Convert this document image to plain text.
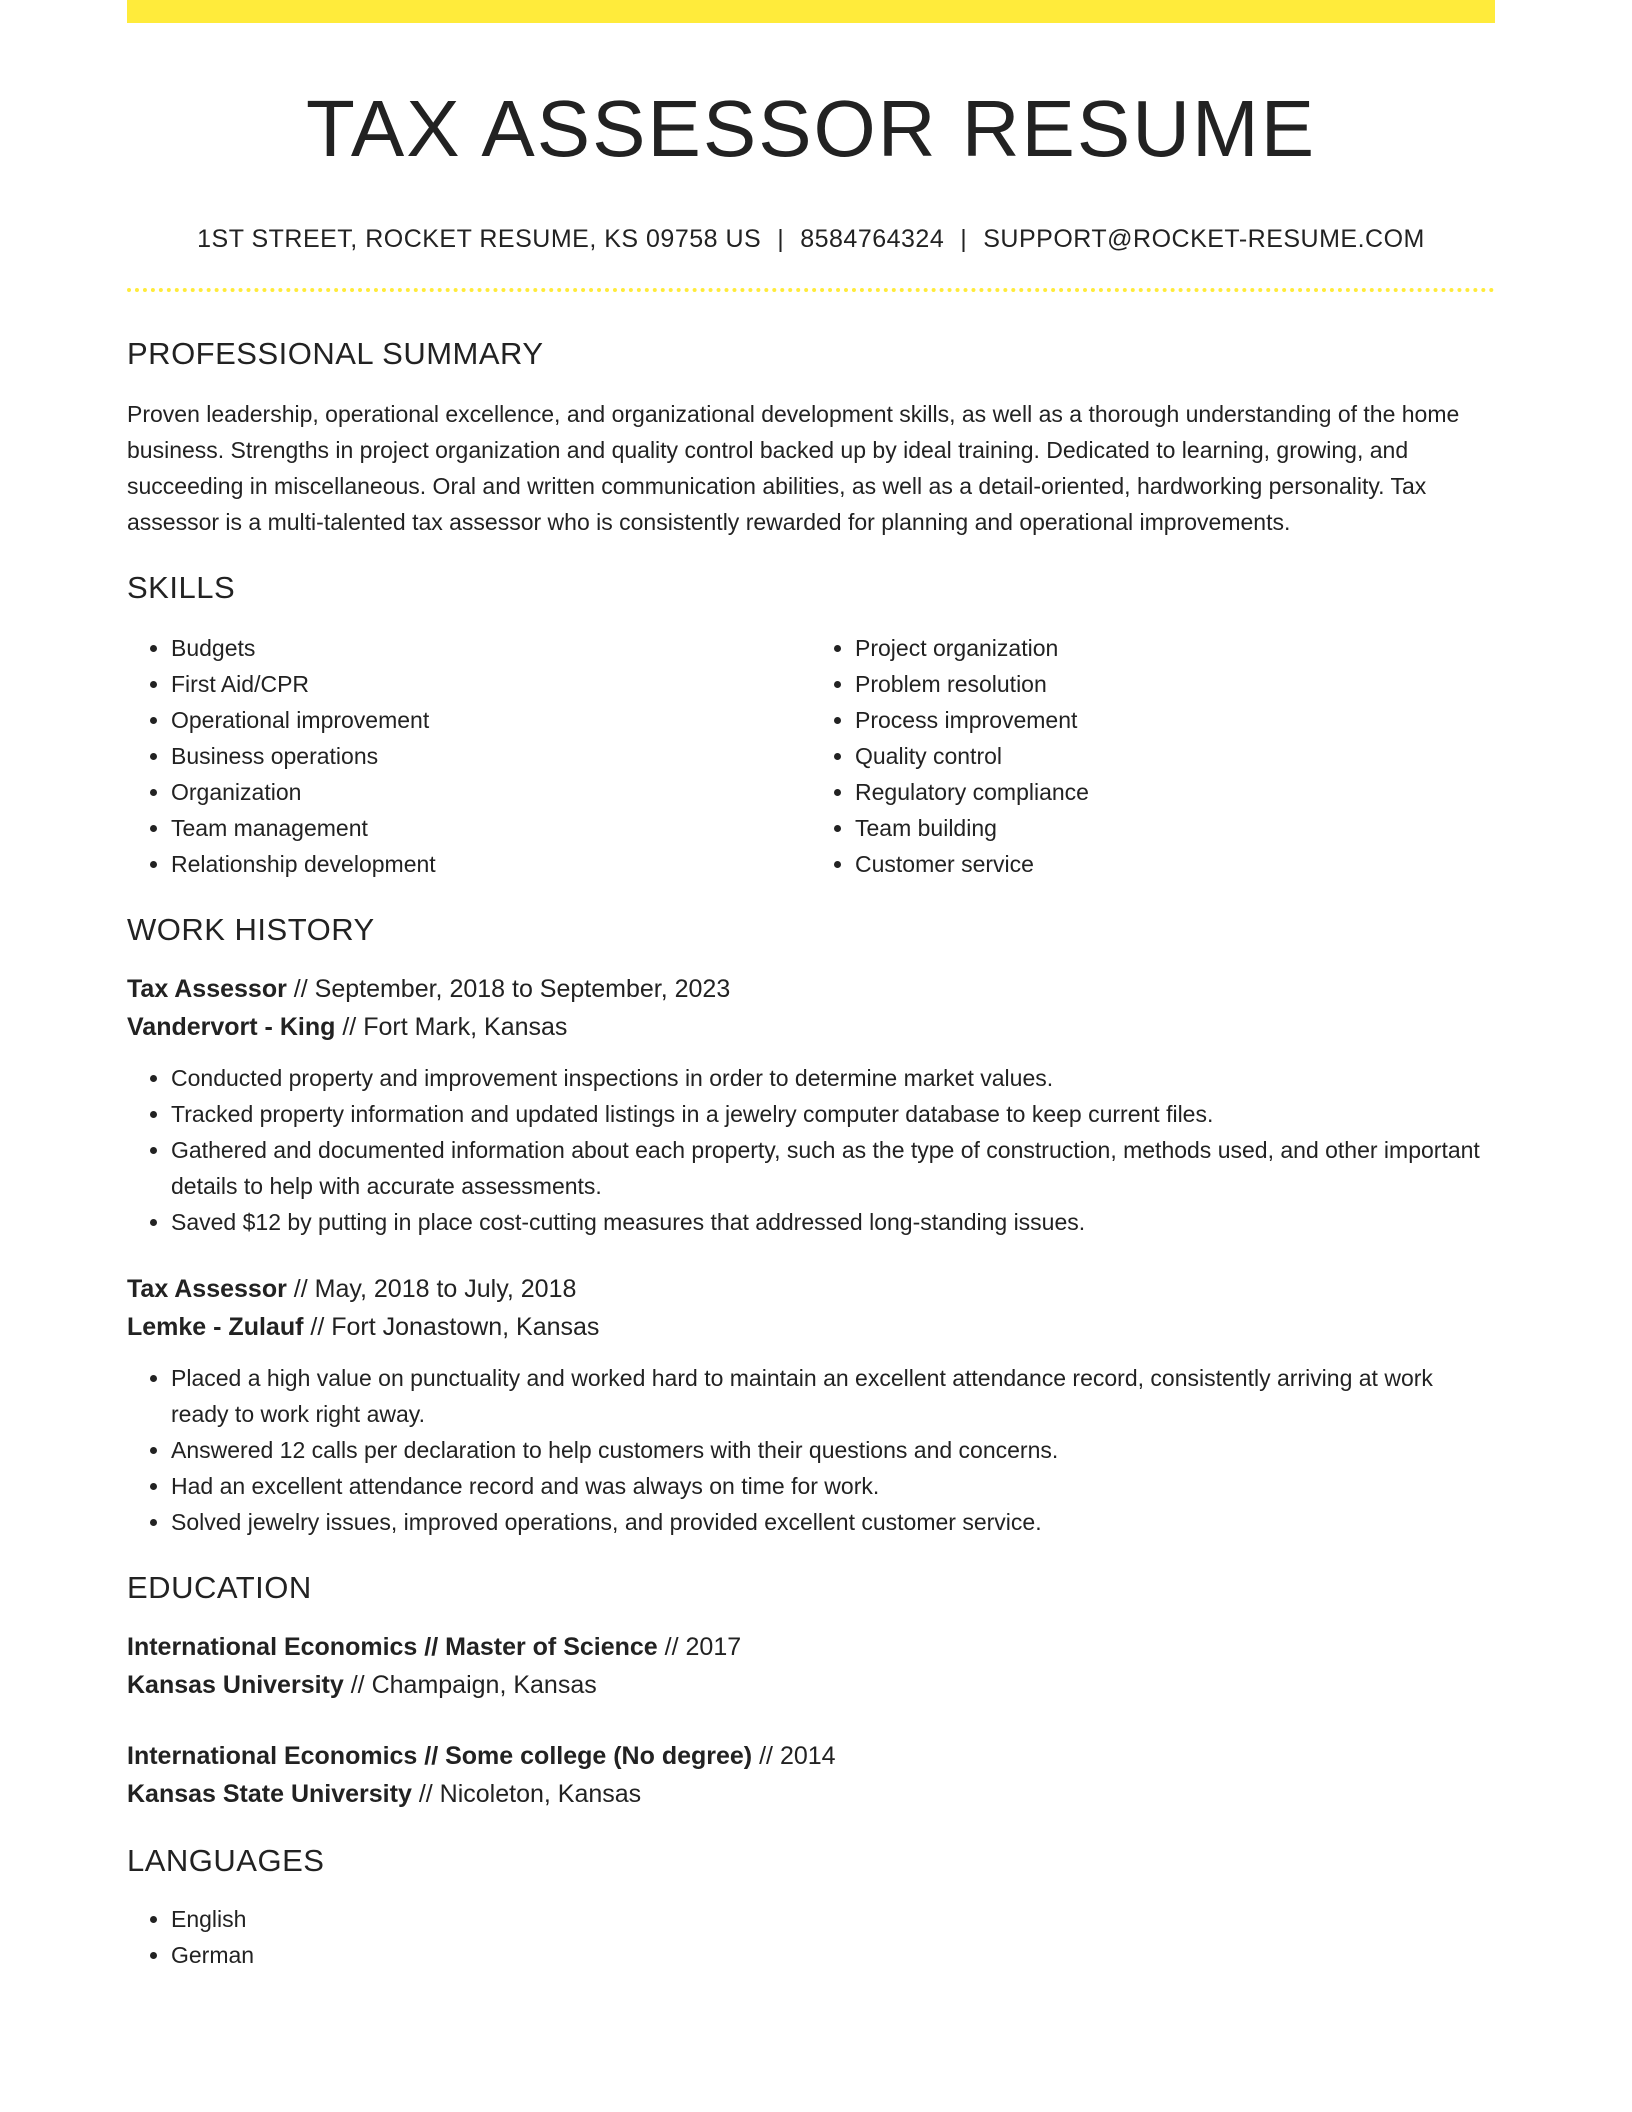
TAX ASSESSOR RESUME
1ST STREET, ROCKET RESUME, KS 09758 US | 8584764324 | SUPPORT@ROCKET-RESUME.COM
PROFESSIONAL SUMMARY

Proven leadership, operational excellence, and organizational development skills, as well as a thorough understanding of the home business. Strengths in project organization and quality control backed up by ideal training. Dedicated to learning, growing, and succeeding in miscellaneous. Oral and written communication abilities, as well as a detail-oriented, hardworking personality. Tax assessor is a multi-talented tax assessor who is consistently rewarded for planning and operational improvements.

SKILLS
• Budgets
• First Aid/CPR
• Operational improvement
• Business operations
• Organization
• Team management
• Relationship development
• Project organization
• Problem resolution
• Process improvement
• Quality control
• Regulatory compliance
• Team building
• Customer service
WORK HISTORY
Tax Assessor // September, 2018 to September, 2023
Vandervort - King // Fort Mark, Kansas
• Conducted property and improvement inspections in order to determine market values.
• Tracked property information and updated listings in a jewelry computer database to keep current files.
• Gathered and documented information about each property, such as the type of construction, methods used, and other important details to help with accurate assessments.
• Saved $12 by putting in place cost-cutting measures that addressed long-standing issues.
Tax Assessor // May, 2018 to July, 2018
Lemke - Zulauf // Fort Jonastown, Kansas
• Placed a high value on punctuality and worked hard to maintain an excellent attendance record, consistently arriving at work ready to work right away.
• Answered 12 calls per declaration to help customers with their questions and concerns.
• Had an excellent attendance record and was always on time for work.
• Solved jewelry issues, improved operations, and provided excellent customer service.
EDUCATION
International Economics // Master of Science // 2017
Kansas University // Champaign, Kansas
International Economics // Some college (No degree) // 2014
Kansas State University // Nicoleton, Kansas
LANGUAGES
• English
• German
